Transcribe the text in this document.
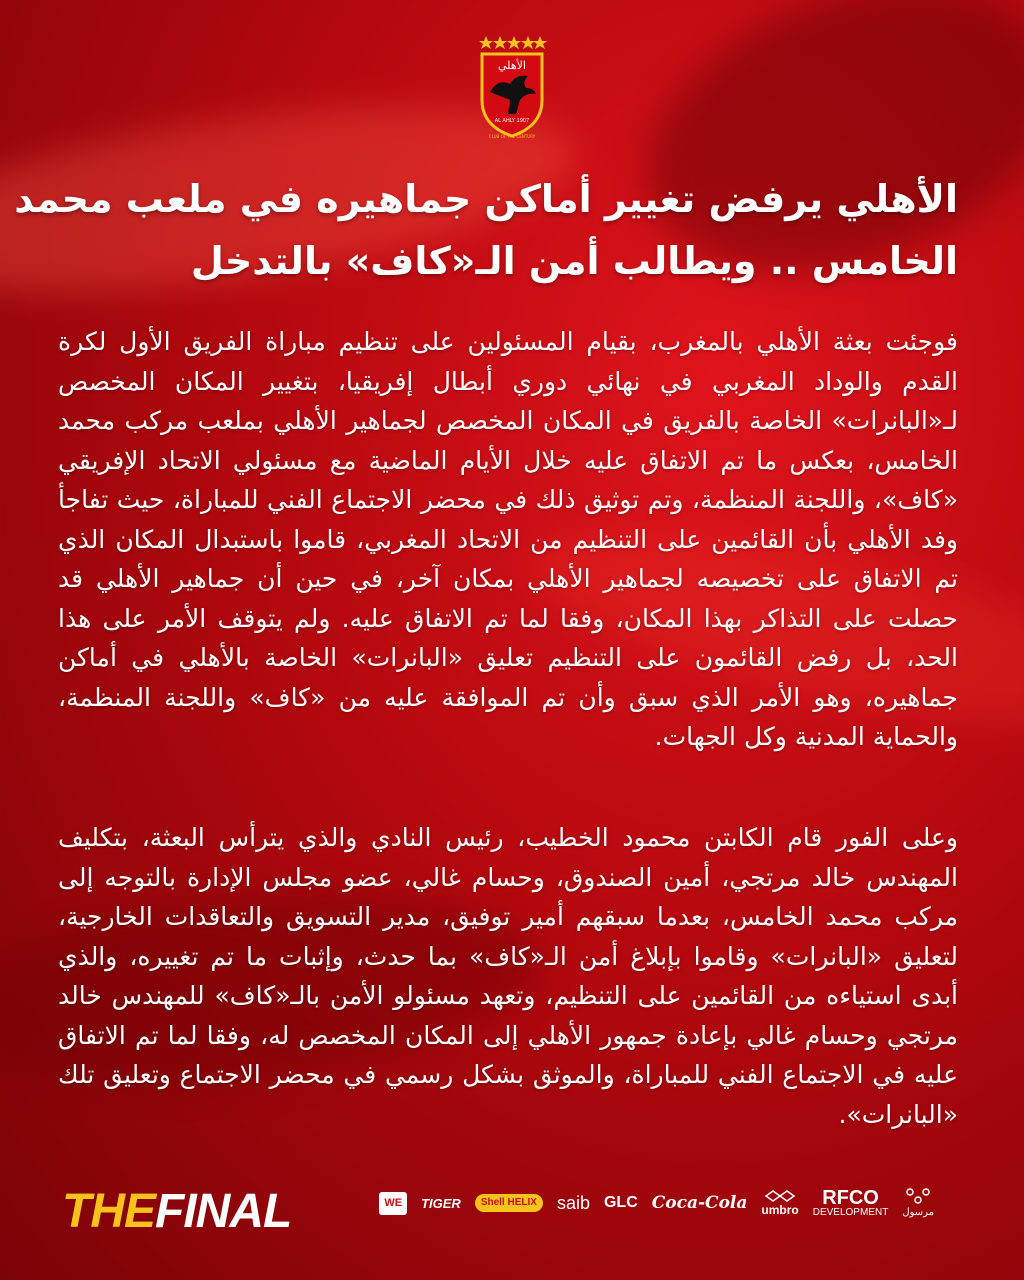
الأهلي
AL AHLY 1907
CLUB OF THE CENTURY
الأهلي يرفض تغيير أماكن جماهيره في ملعب محمد
الخامس .. ويطالب أمن الـ«كاف» بالتدخل
فوجئت بعثة الأهلي بالمغرب، بقيام المسئولين على تنظيم مباراة الفريق الأول لكرة القدم والوداد المغربي في نهائي دوري أبطال إفريقيا، بتغيير المكان المخصص لـ«البانرات» الخاصة بالفريق في المكان المخصص لجماهير الأهلي بملعب مركب محمد الخامس، بعكس ما تم الاتفاق عليه خلال الأيام الماضية مع مسئولي الاتحاد الإفريقي «كاف»، واللجنة المنظمة، وتم توثيق ذلك في محضر الاجتماع الفني للمباراة، حيث تفاجأ وفد الأهلي بأن القائمين على التنظيم من الاتحاد المغربي، قاموا باستبدال المكان الذي تم الاتفاق على تخصيصه لجماهير الأهلي بمكان آخر، في حين أن جماهير الأهلي قد حصلت على التذاكر بهذا المكان، وفقا لما تم الاتفاق عليه. ولم يتوقف الأمر على هذا الحد، بل رفض القائمون على التنظيم تعليق «البانرات» الخاصة بالأهلي في أماكن جماهيره، وهو الأمر الذي سبق وأن تم الموافقة عليه من «كاف» واللجنة المنظمة، والحماية المدنية وكل الجهات.
وعلى الفور قام الكابتن محمود الخطيب، رئيس النادي والذي يترأس البعثة، بتكليف المهندس خالد مرتجي، أمين الصندوق، وحسام غالي، عضو مجلس الإدارة بالتوجه إلى مركب محمد الخامس، بعدما سبقهم أمير توفيق، مدير التسويق والتعاقدات الخارجية، لتعليق «البانرات» وقاموا بإبلاغ أمن الـ«كاف» بما حدث، وإثبات ما تم تغييره، والذي أبدى استياءه من القائمين على التنظيم، وتعهد مسئولو الأمن بالـ«كاف» للمهندس خالد مرتجي وحسام غالي بإعادة جمهور الأهلي إلى المكان المخصص له، وفقا لما تم الاتفاق عليه في الاجتماع الفني للمباراة، والموثق بشكل رسمي في محضر الاجتماع وتعليق تلك «البانرات».
THEFINAL	مرسول
RFCO
DEVELOPMENT
umbro
Coca-Cola
GLC
saib
Shell HELIX
TIGER
WE
